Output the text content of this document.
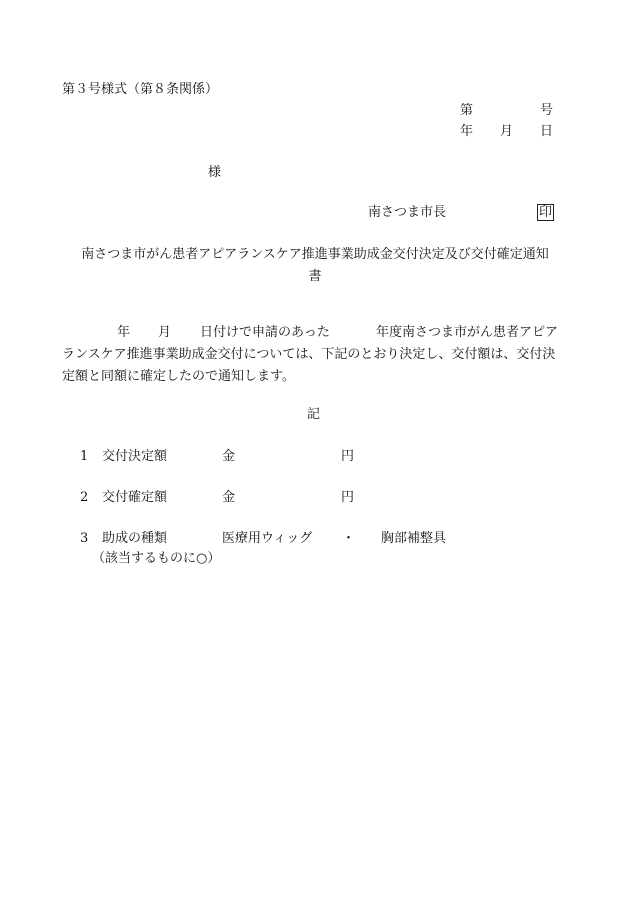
第３号様式（第８条関係）
第	号
年 月 日
様
南さつま市長	印
南さつま市がん患者アピアランスケア推進事業助成金交付決定及び交付確定通知
書
年 月 日付けで申請のあった	年度南さつま市がん患者アピア
ランスケア推進事業助成金交付については、下記のとおり決定し、交付額は、交付決
定額と同額に確定したので通知します。
記
1 交付決定額	金	円
2 交付確定額	金	円
3 助成の種類	医療用ウィッグ ・ 胸部補整具
（該当するものに○）
